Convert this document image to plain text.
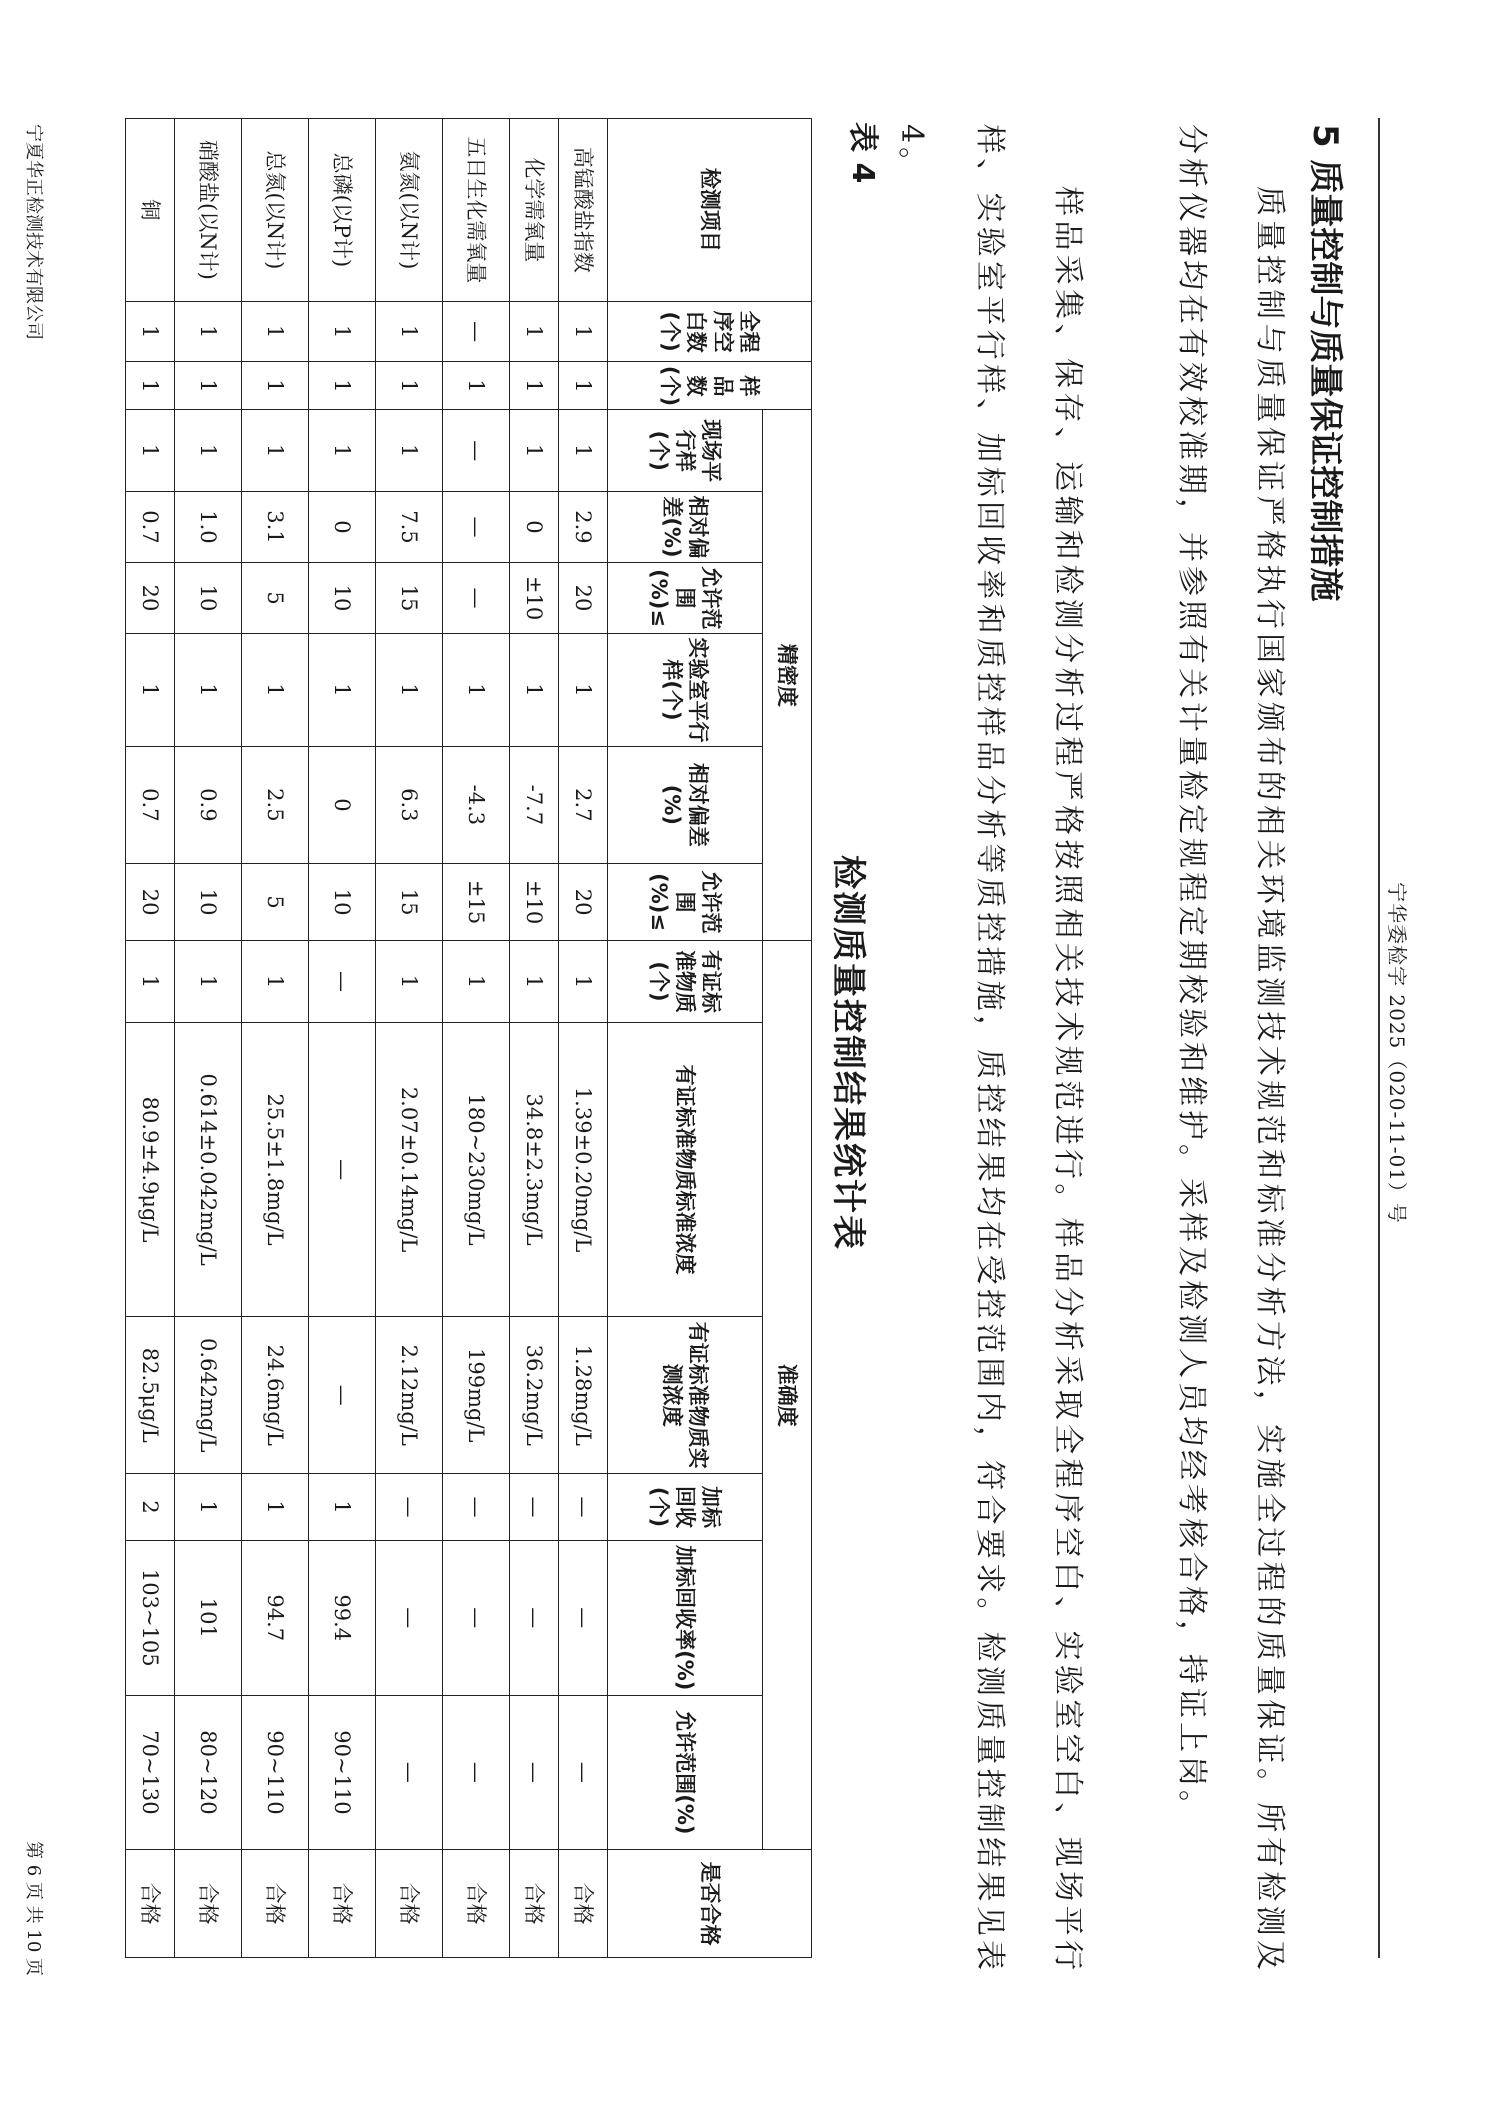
宁华委检字 2025（020-11-01）号
5 质量控制与质量保证控制措施
质量控制与质量保证严格执行国家颁布的相关环境监测技术规范和标准分析方法，实施全过程的质量保证。所有检测及分析仪器均在有效校准期，并参照有关计量检定规程定期校验和维护。采样及检测人员均经考核合格，持证上岗。
样品采集、保存、运输和检测分析过程严格按照相关技术规范进行。样品分析采取全程序空白、实验室空白、现场平行样、实验室平行样、加标回收率和质控样品分析等质控措施，质控结果均在受控范围内，符合要求。检测质量控制结果见表4。
表 4
检测质量控制结果统计表
检测项目	全程序空白数(个)	样品数(个)	精密度						准确度						是否合格
			现场平行样(个)	相对偏差(%)	允许范围(%)≤	实验室平行样(个)	相对偏差(%)	允许范围(%)≤	有证标准物质(个)	有证标准物质标准浓度	有证标准物质实测浓度	加标回收(个)	加标回收率(%)	允许范围(%)	
高锰酸盐指数	1	1	1	2.9	20	1	2.7	20	1	1.39±0.20mg/L	1.28mg/L	—	—	—	合格
化学需氧量	1	1	1	0	±10	1	-7.7	±10	1	34.8±2.3mg/L	36.2mg/L	—	—	—	合格
五日生化需氧量	—	1	—	—	—	1	-4.3	±15	1	180~230mg/L	199mg/L	—	—	—	合格
氨氮(以N计)	1	1	1	7.5	15	1	6.3	15	1	2.07±0.14mg/L	2.12mg/L	—	—	—	合格
总磷(以P计)	1	1	1	0	10	1	0	10	—	—	—	1	99.4	90~110	合格
总氮(以N计)	1	1	1	3.1	5	1	2.5	5	1	25.5±1.8mg/L	24.6mg/L	1	94.7	90~110	合格
硝酸盐(以N计)	1	1	1	1.0	10	1	0.9	10	1	0.614±0.042mg/L	0.642mg/L	1	101	80~120	合格
铜	1	1	1	0.7	20	1	0.7	20	1	80.9±4.9μg/L	82.5μg/L	2	103~105	70~130	合格
宁夏华正检测技术有限公司
第 6 页 共 10 页
